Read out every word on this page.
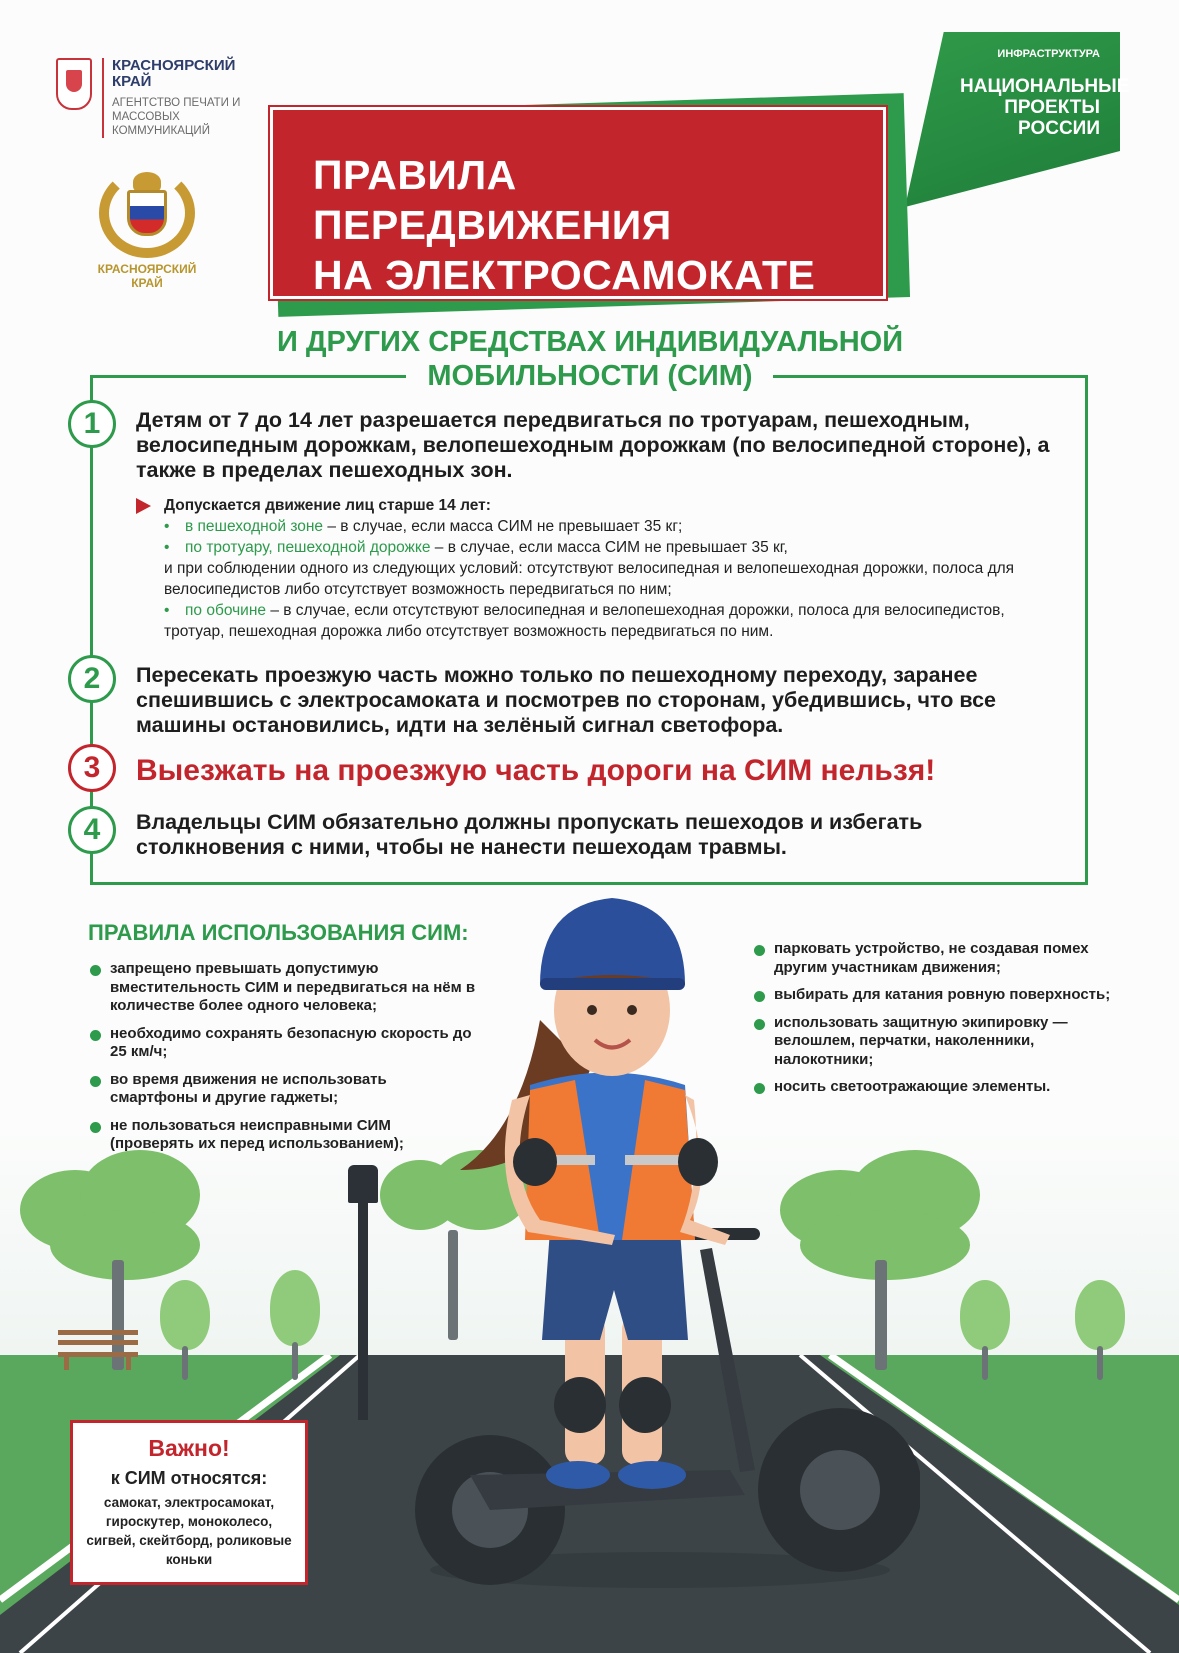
КРАСНОЯРСКИЙ КРАЙ
АГЕНТСТВО ПЕЧАТИ И МАССОВЫХ КОММУНИКАЦИЙ
КРАСНОЯРСКИЙ КРАЙ
ИНФРАСТРУКТУРА
НАЦИОНАЛЬНЫЕ ПРОЕКТЫ РОССИИ
ПРАВИЛА ПЕРЕДВИЖЕНИЯ
НА ЭЛЕКТРОСАМОКАТЕ
И ДРУГИХ СРЕДСТВАХ ИНДИВИДУАЛЬНОЙ
МОБИЛЬНОСТИ (СИМ)
1	Детям от 7 до 14 лет разрешается передвигаться по тротуарам, пешеходным, велосипедным дорожкам, велопешеходным дорожкам (по велосипедной стороне), а также в пределах пешеходных зон.
Допускается движение лиц старше 14 лет:
• в пешеходной зоне – в случае, если масса СИМ не превышает 35 кг;
• по тротуару, пешеходной дорожке – в случае, если масса СИМ не превышает 35 кг,
и при соблюдении одного из следующих условий: отсутствуют велосипедная и велопешеходная дорожки, полоса для велосипедистов либо отсутствует возможность передвигаться по ним;
• по обочине – в случае, если отсутствуют велосипедная и велопешеходная дорожки, полоса для велосипедистов, тротуар, пешеходная дорожка либо отсутствует возможность передвигаться по ним.
2	Пересекать проезжую часть можно только по пешеходному переходу, заранее спешившись с электросамоката и посмотрев по сторонам, убедившись, что все машины остановились, идти на зелёный сигнал светофора.
3	Выезжать на проезжую часть дороги на СИМ нельзя!
4	Владельцы СИМ обязательно должны пропускать пешеходов и избегать столкновения с ними, чтобы не нанести пешеходам травмы.
ПРАВИЛА ИСПОЛЬЗОВАНИЯ СИМ:
запрещено превышать допустимую вместительность СИМ и передвигаться на нём в количестве более одного человека;
необходимо сохранять безопасную скорость до 25 км/ч;
во время движения не использовать смартфоны и другие гаджеты;
не пользоваться неисправными СИМ (проверять их перед использованием);
парковать устройство, не создавая помех другим участникам движения;
выбирать для катания ровную поверхность;
использовать защитную экипировку — велошлем, перчатки, наколенники, налокотники;
носить светоотражающие элементы.
Важно!
к СИМ относятся:
самокат, электросамокат, гироскутер, моноколесо, сигвей, скейтборд, роликовые коньки
